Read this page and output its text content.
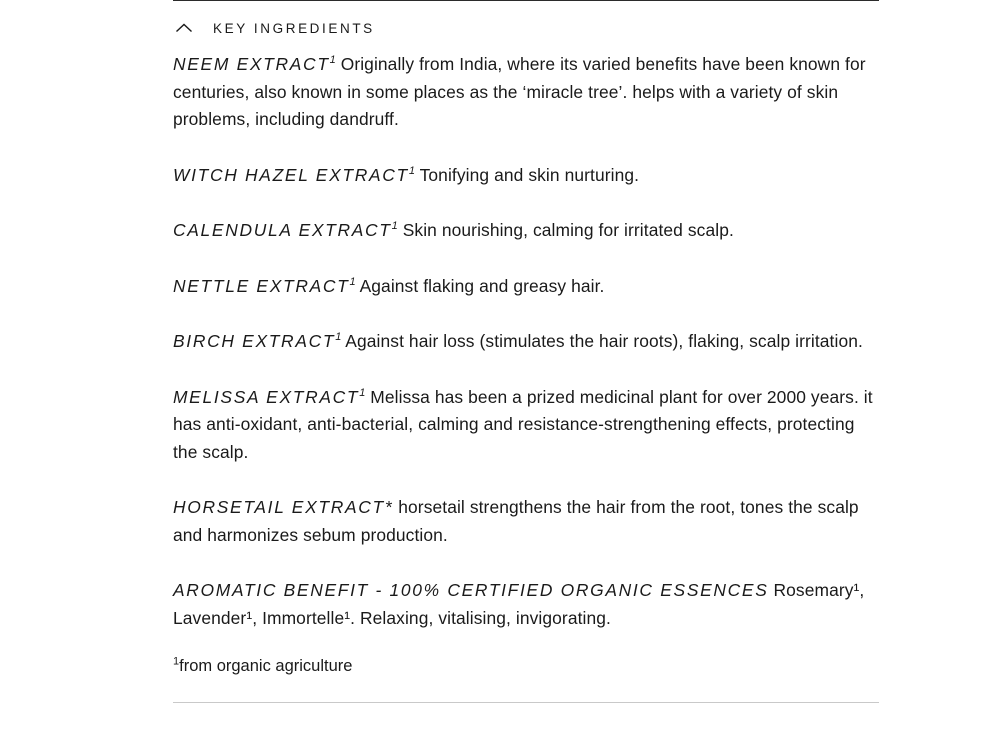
KEY INGREDIENTS

NEEM EXTRACT$^1$ Originally from India, where its varied benefits have been known for centuries, also known in some places as the ‘miracle tree’. helps with a variety of skin problems, including dandruff.

WITCH HAZEL EXTRACT$^1$ Tonifying and skin nurturing.

CALENDULA EXTRACT$^1$ Skin nourishing, calming for irritated scalp.

NETTLE EXTRACT$^1$ Against flaking and greasy hair.

BIRCH EXTRACT$^1$ Against hair loss (stimulates the hair roots), flaking, scalp irritation.

MELISSA EXTRACT$^1$ Melissa has been a prized medicinal plant for over 2000 years. it has anti-oxidant, anti-bacterial, calming and resistance-strengthening effects, protecting the scalp.

HORSETAIL EXTRACT* horsetail strengthens the hair from the root, tones the scalp and harmonizes sebum production.

AROMATIC BENEFIT - 100% CERTIFIED ORGANIC ESSENCES Rosemary¹, Lavender¹, Immortelle¹. Relaxing, vitalising, invigorating.

$^1$from organic agriculture
